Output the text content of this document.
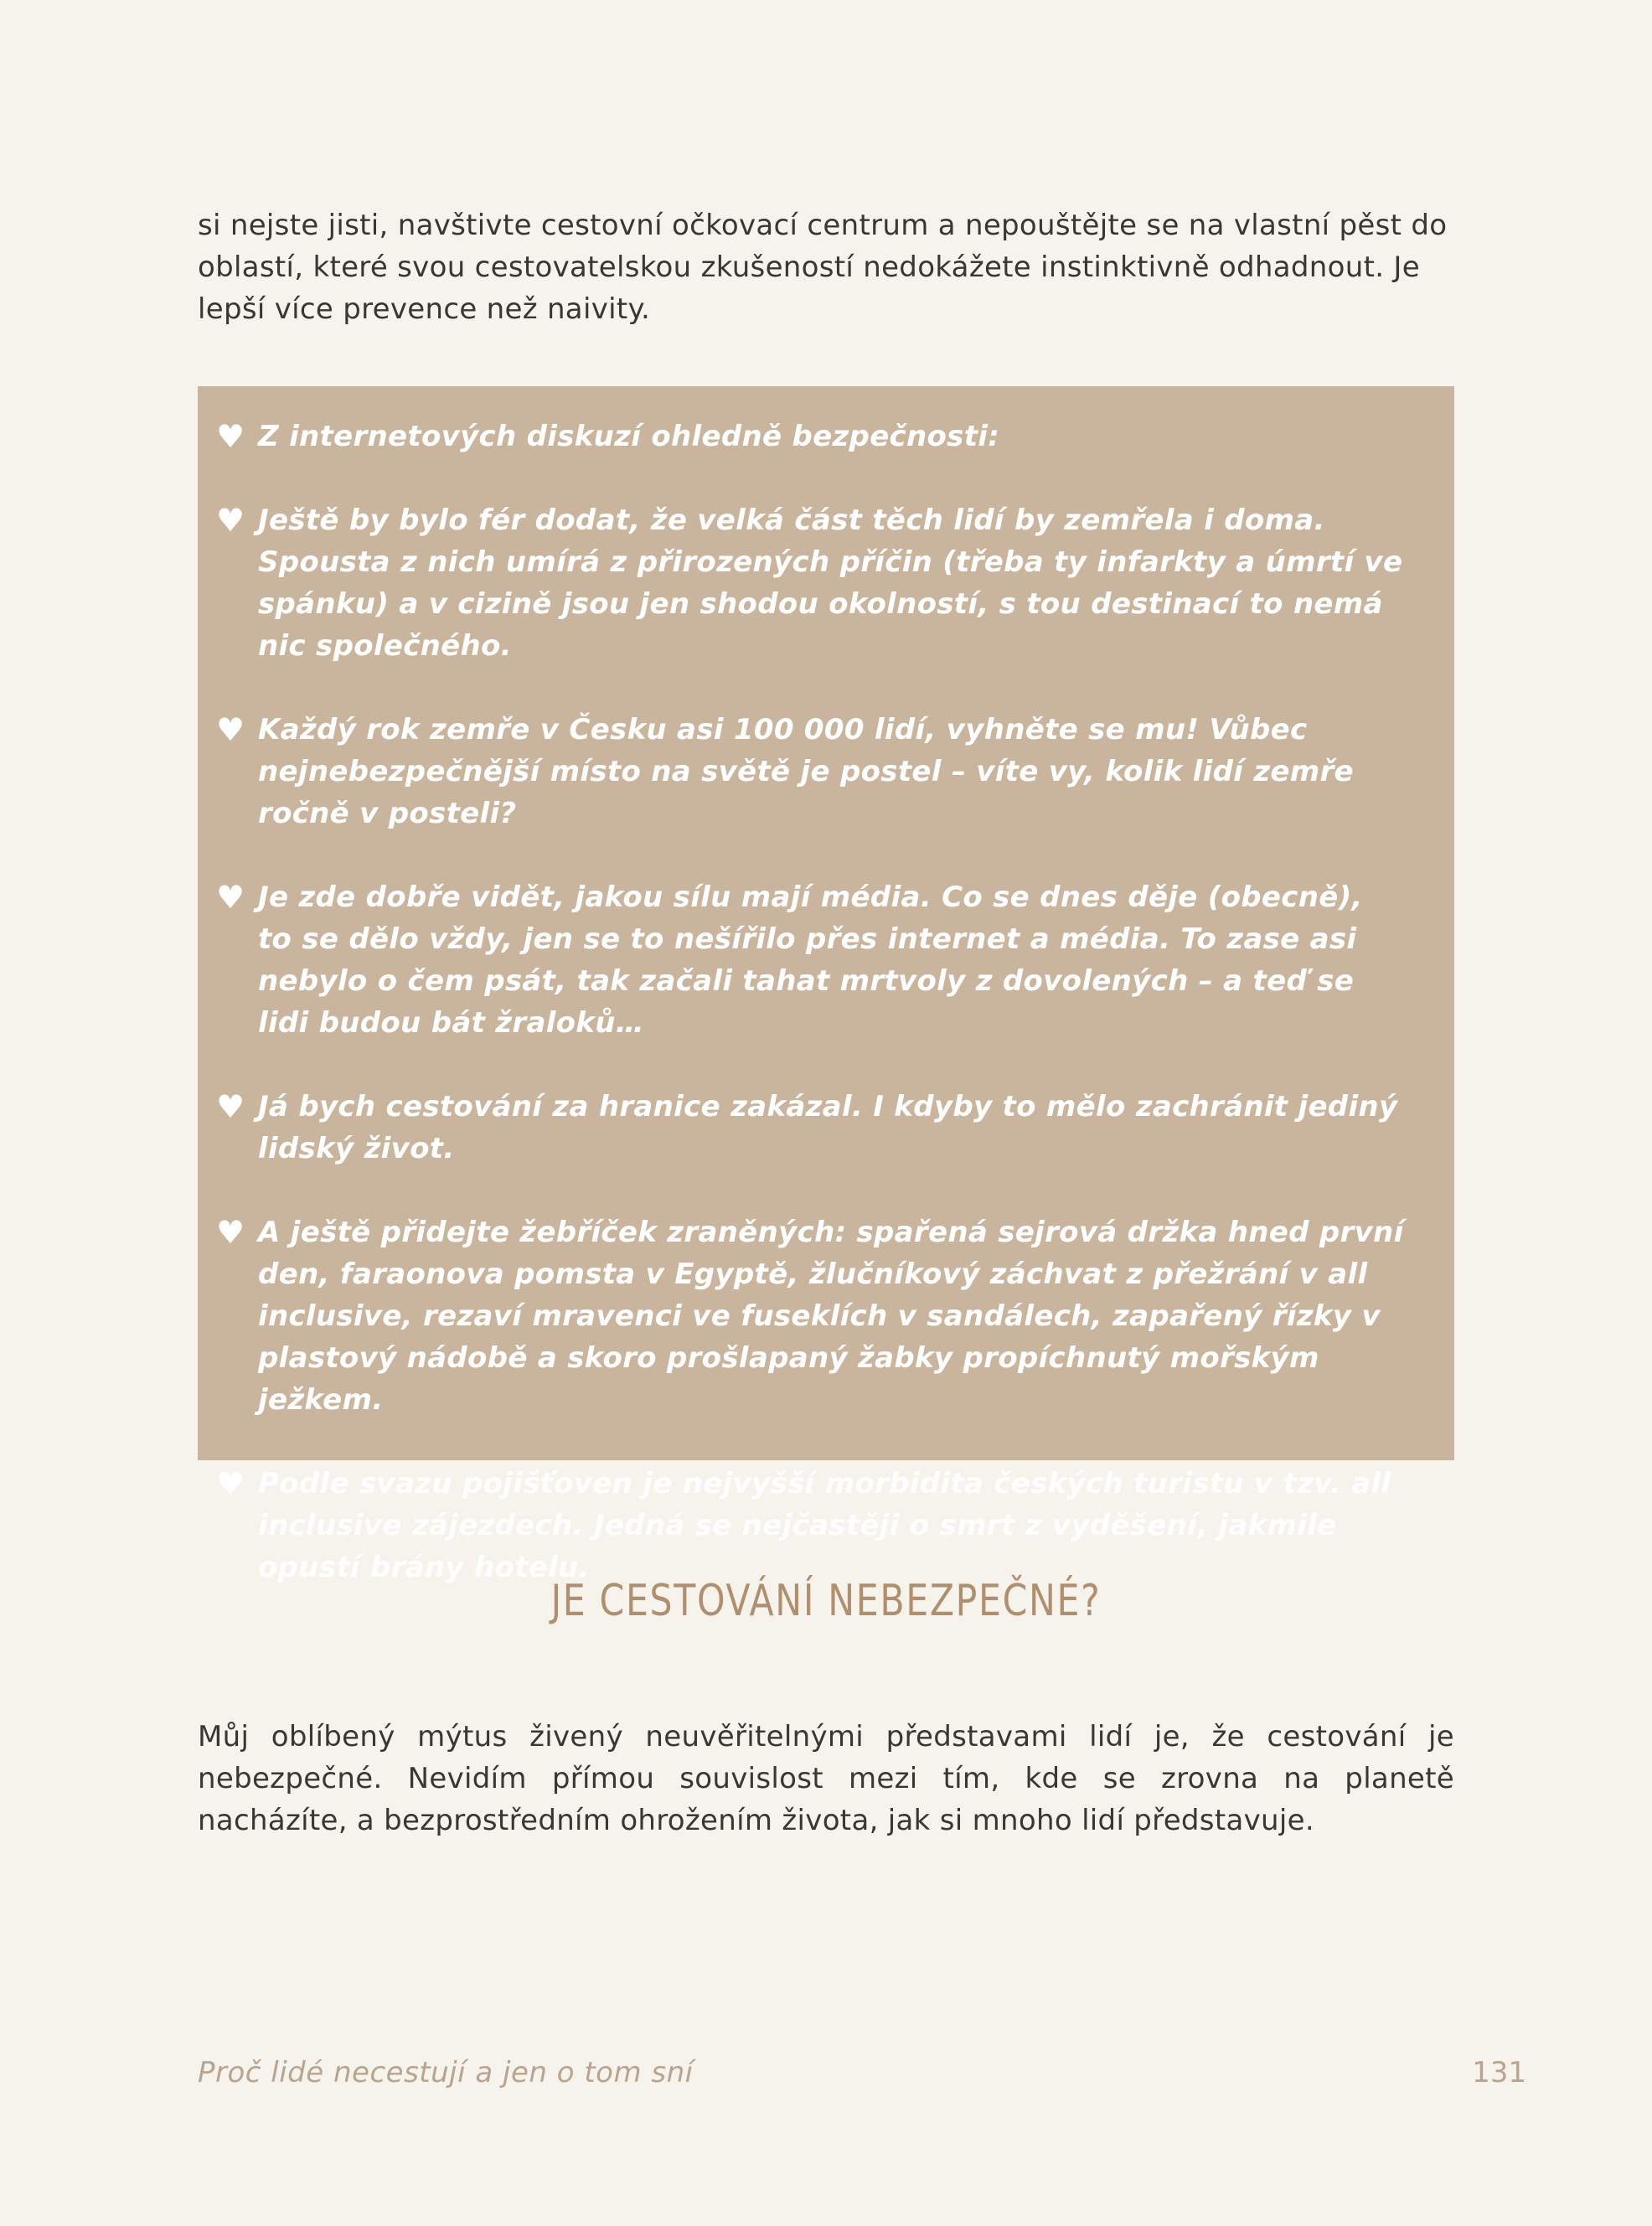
si nejste jisti, navštivte cestovní očkovací centrum a nepouštějte se na vlastní pěst do oblastí, které svou cestovatelskou zkušeností nedokážete instinktivně odhadnout. Je lepší více prevence než naivity.

♥ Z internetových diskuzí ohledně bezpečnosti:
♥ Ještě by bylo fér dodat, že velká část těch lidí by zemřela i doma. Spousta z nich umírá z přirozených příčin (třeba ty infarkty a úmrtí ve spánku) a v cizině jsou jen shodou okolností, s tou destinací to nemá nic společného.
♥ Každý rok zemře v Česku asi 100 000 lidí, vyhněte se mu! Vůbec nejnebezpečnější místo na světě je postel – víte vy, kolik lidí zemře ročně v posteli?
♥ Je zde dobře vidět, jakou sílu mají média. Co se dnes děje (obecně), to se dělo vždy, jen se to nešířilo přes internet a média. To zase asi nebylo o čem psát, tak začali tahat mrtvoly z dovolených – a teď se lidi budou bát žraloků…
♥ Já bych cestování za hranice zakázal. I kdyby to mělo zachránit jediný lidský život.
♥ A ještě přidejte žebříček zraněných: spařená sejrová držka hned první den, faraonova pomsta v Egyptě, žlučníkový záchvat z přežrání v all inclusive, rezaví mravenci ve fuseklích v sandálech, zapařený řízky v plastový nádobě a skoro prošlapaný žabky propíchnutý mořským ježkem.
♥ Podle svazu pojišťoven je nejvyšší morbidita českých turistu v tzv. all inclusive zájezdech. Jedná se nejčastěji o smrt z vyděšení, jakmile opustí brány hotelu.
JE CESTOVÁNÍ NEBEZPEČNÉ?

Můj oblíbený mýtus živený neuvěřitelnými představami lidí je, že cestování je nebezpečné. Nevidím přímou souvislost mezi tím, kde se zrovna na planetě nacházíte, a bezprostředním ohrožením života, jak si mnoho lidí představuje.

Proč lidé necestují a jen o tom sní	131
